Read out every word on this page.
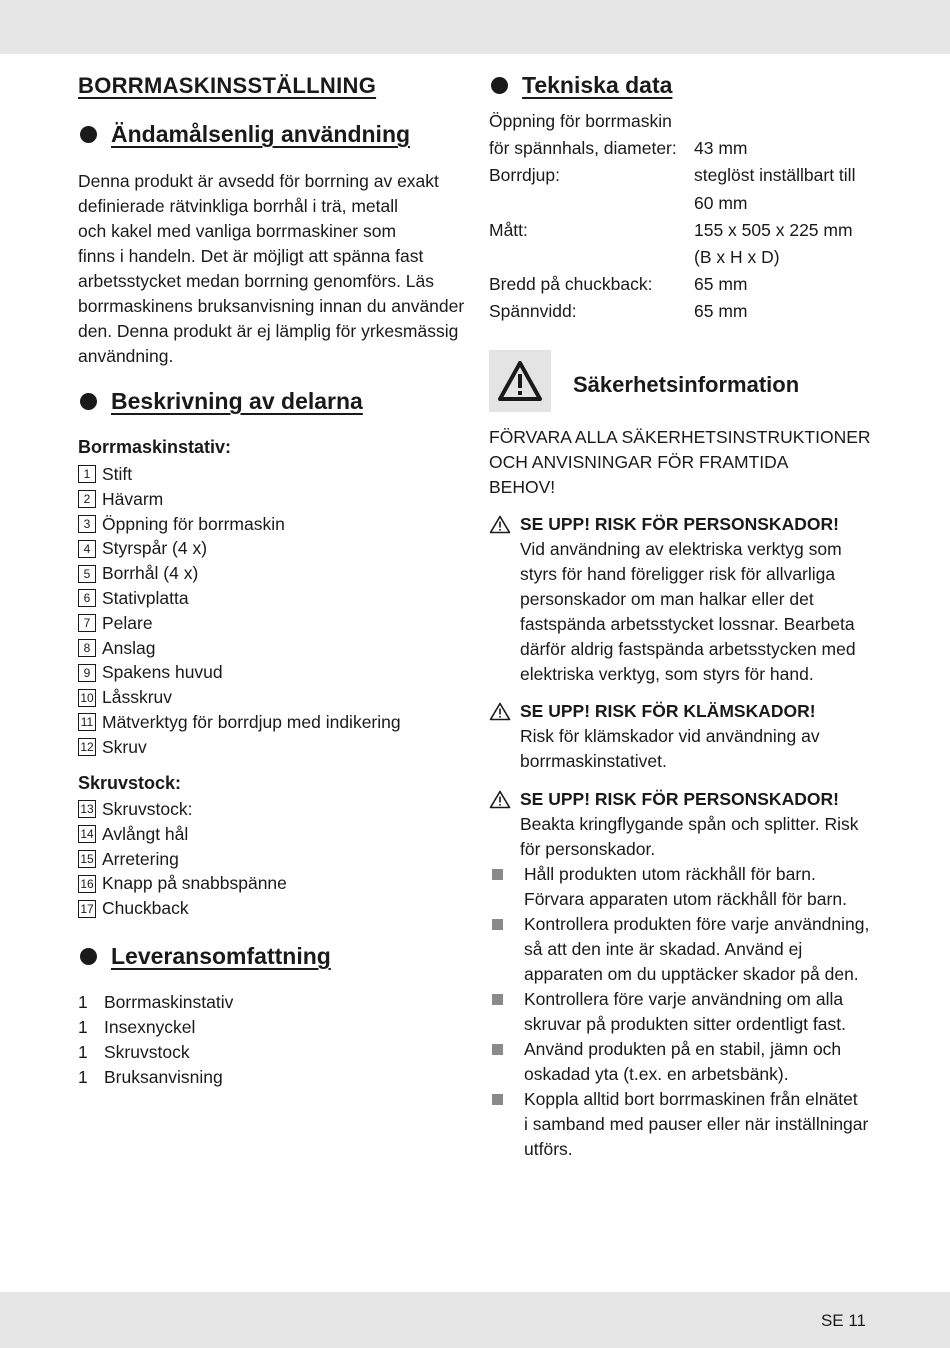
BORRMASKINSSTÄLLNING
Ändamålsenlig användning
Denna produkt är avsedd för borrning av exakt
definierade rätvinkliga borrhål i trä, metall
och kakel med vanliga borrmaskiner som
finns i handeln. Det är möjligt att spänna fast
arbetsstycket medan borrning genomförs. Läs
borrmaskinens bruksanvisning innan du använder
den. Denna produkt är ej lämplig för yrkesmässig
användning.
Beskrivning av delarna
Borrmaskinstativ:
1 Stift
2 Hävarm
3 Öppning för borrmaskin
4 Styrspår (4 x)
5 Borrhål (4 x)
6 Stativplatta
7 Pelare
8 Anslag
9 Spakens huvud
10 Låsskruv
11 Mätverktyg för borrdjup med indikering
12 Skruv
Skruvstock:
13 Skruvstock:
14 Avlångt hål
15 Arretering
16 Knapp på snabbspänne
17 Chuckback
Leveransomfattning
1 Borrmaskinstativ
1 Insexnyckel
1 Skruvstock
1 Bruksanvisning
Tekniska data
Öppning för borrmaskin	
för spännhals, diameter:	43 mm
Borrdjup:	steglöst inställbart till
	60 mm
Mått:	155 x 505 x 225 mm
	(B x H x D)
Bredd på chuckback:	65 mm
Spännvidd:	65 mm
Säkerhetsinformation
FÖRVARA ALLA SÄKERHETSINSTRUKTIONER
OCH ANVISNINGAR FÖR FRAMTIDA
BEHOV!
SE UPP! RISK FÖR PERSONSKADOR!
Vid användning av elektriska verktyg som
styrs för hand föreligger risk för allvarliga
personskador om man halkar eller det
fastspända arbetsstycket lossnar. Bearbeta
därför aldrig fastspända arbetsstycken med
elektriska verktyg, som styrs för hand.
SE UPP! RISK FÖR KLÄMSKADOR!
Risk för klämskador vid användning av
borrmaskinstativet.
SE UPP! RISK FÖR PERSONSKADOR!
Beakta kringflygande spån och splitter. Risk
för personskador.
Håll produkten utom räckhåll för barn.
Förvara apparaten utom räckhåll för barn.
Kontrollera produkten före varje användning,
så att den inte är skadad. Använd ej
apparaten om du upptäcker skador på den.
Kontrollera före varje användning om alla
skruvar på produkten sitter ordentligt fast.
Använd produkten på en stabil, jämn och
oskadad yta (t.ex. en arbetsbänk).
Koppla alltid bort borrmaskinen från elnätet
i samband med pauser eller när inställningar
utförs.
SE 11
